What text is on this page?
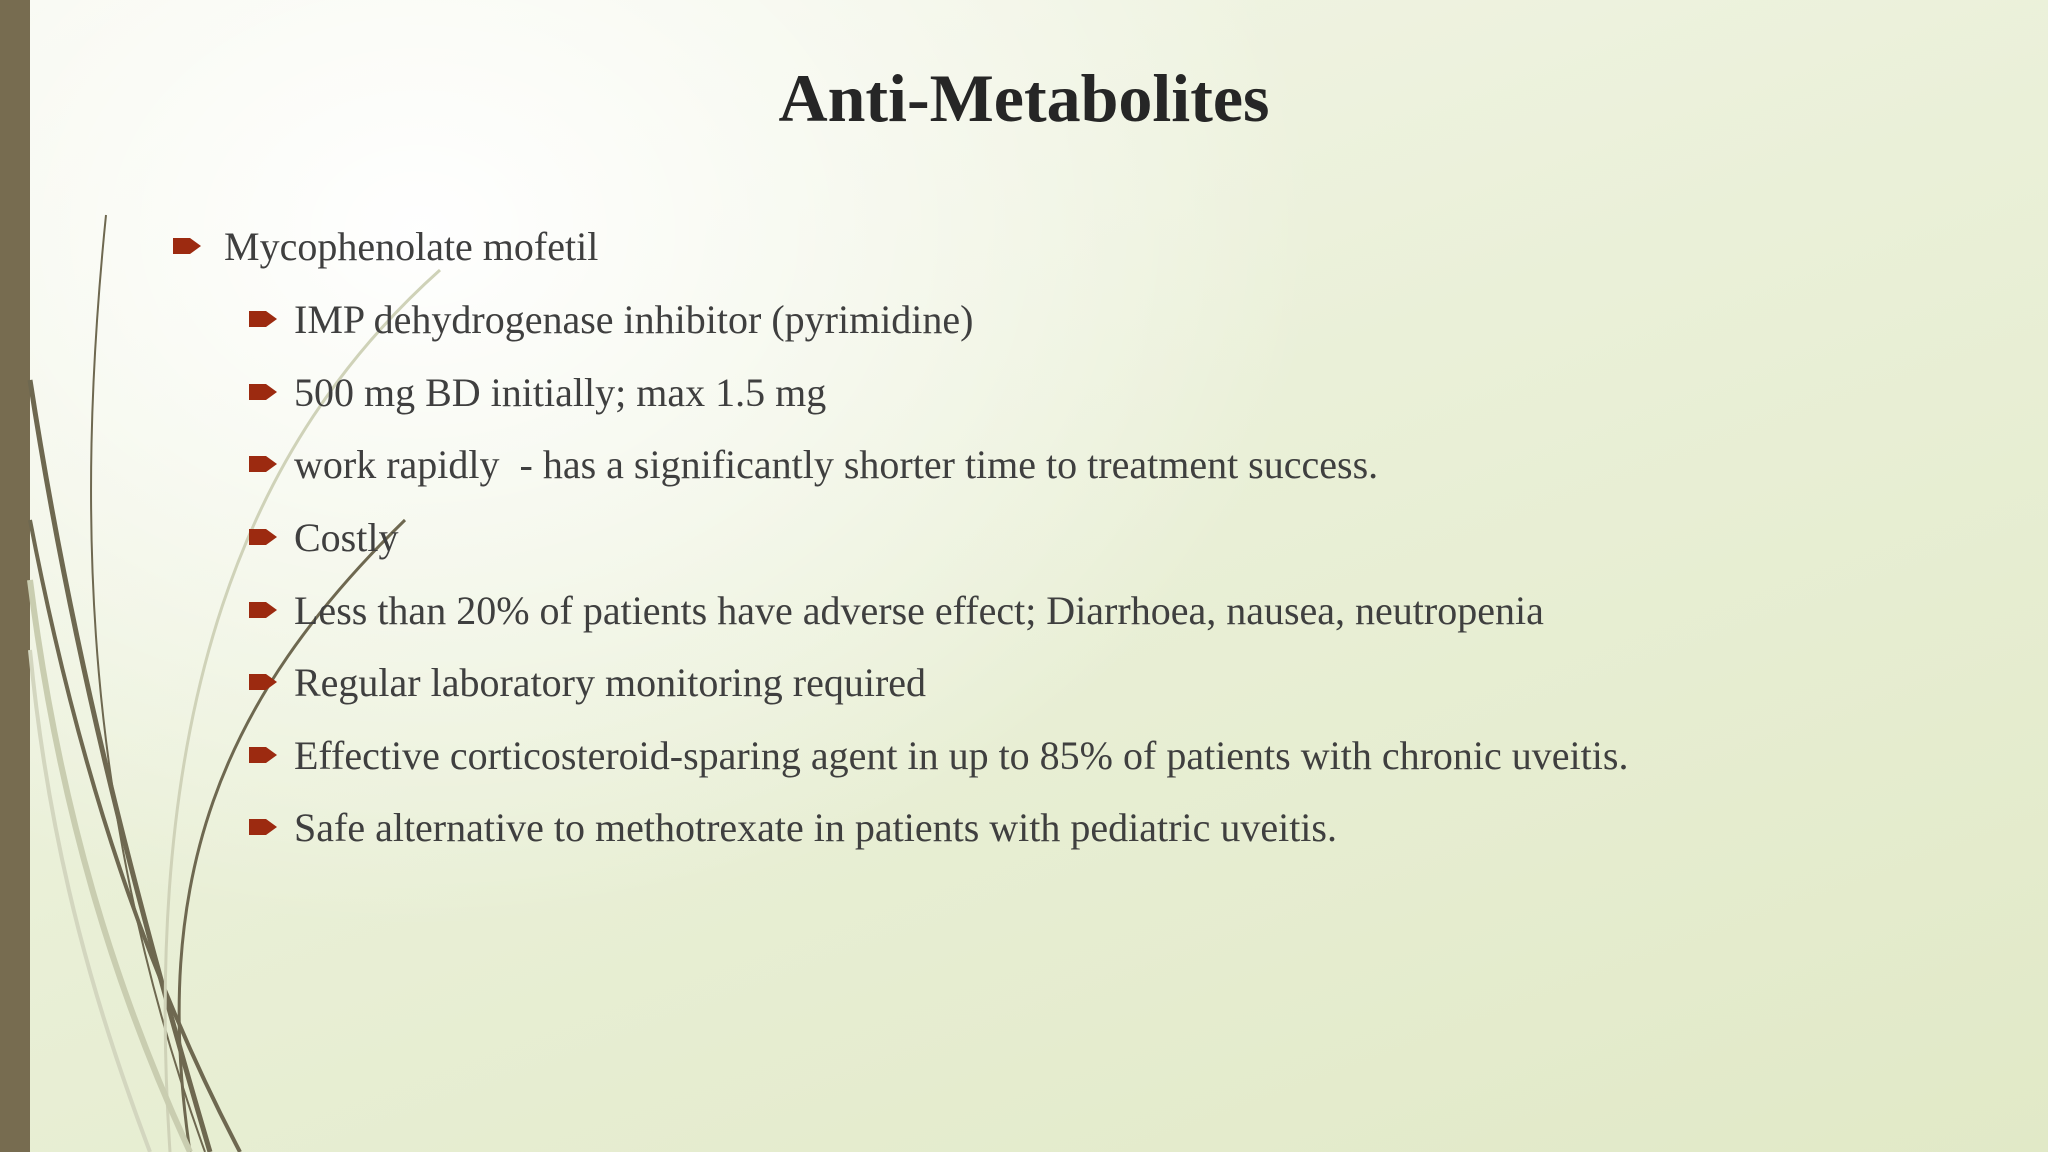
Anti-Metabolites
Mycophenolate mofetil
IMP dehydrogenase inhibitor (pyrimidine)
500 mg BD initially; max 1.5 mg
work rapidly  - has a significantly shorter time to treatment success.
Costly
Less than 20% of patients have adverse effect; Diarrhoea, nausea, neutropenia
Regular laboratory monitoring required
Effective corticosteroid-sparing agent in up to 85% of patients with chronic uveitis.
Safe alternative to methotrexate in patients with pediatric uveitis.
